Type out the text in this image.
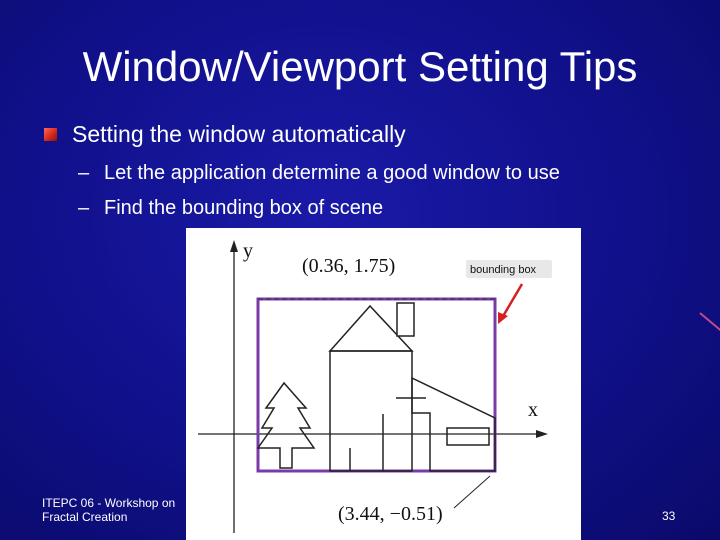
Window/Viewport Setting Tips
Setting the window automatically
– Let the application determine a good window to use
– Find the bounding box of scene
y
x
(0.36, 1.75)
(3.44, −0.51)
bounding box
ITEPC 06 - Workshop on
Fractal Creation	33
